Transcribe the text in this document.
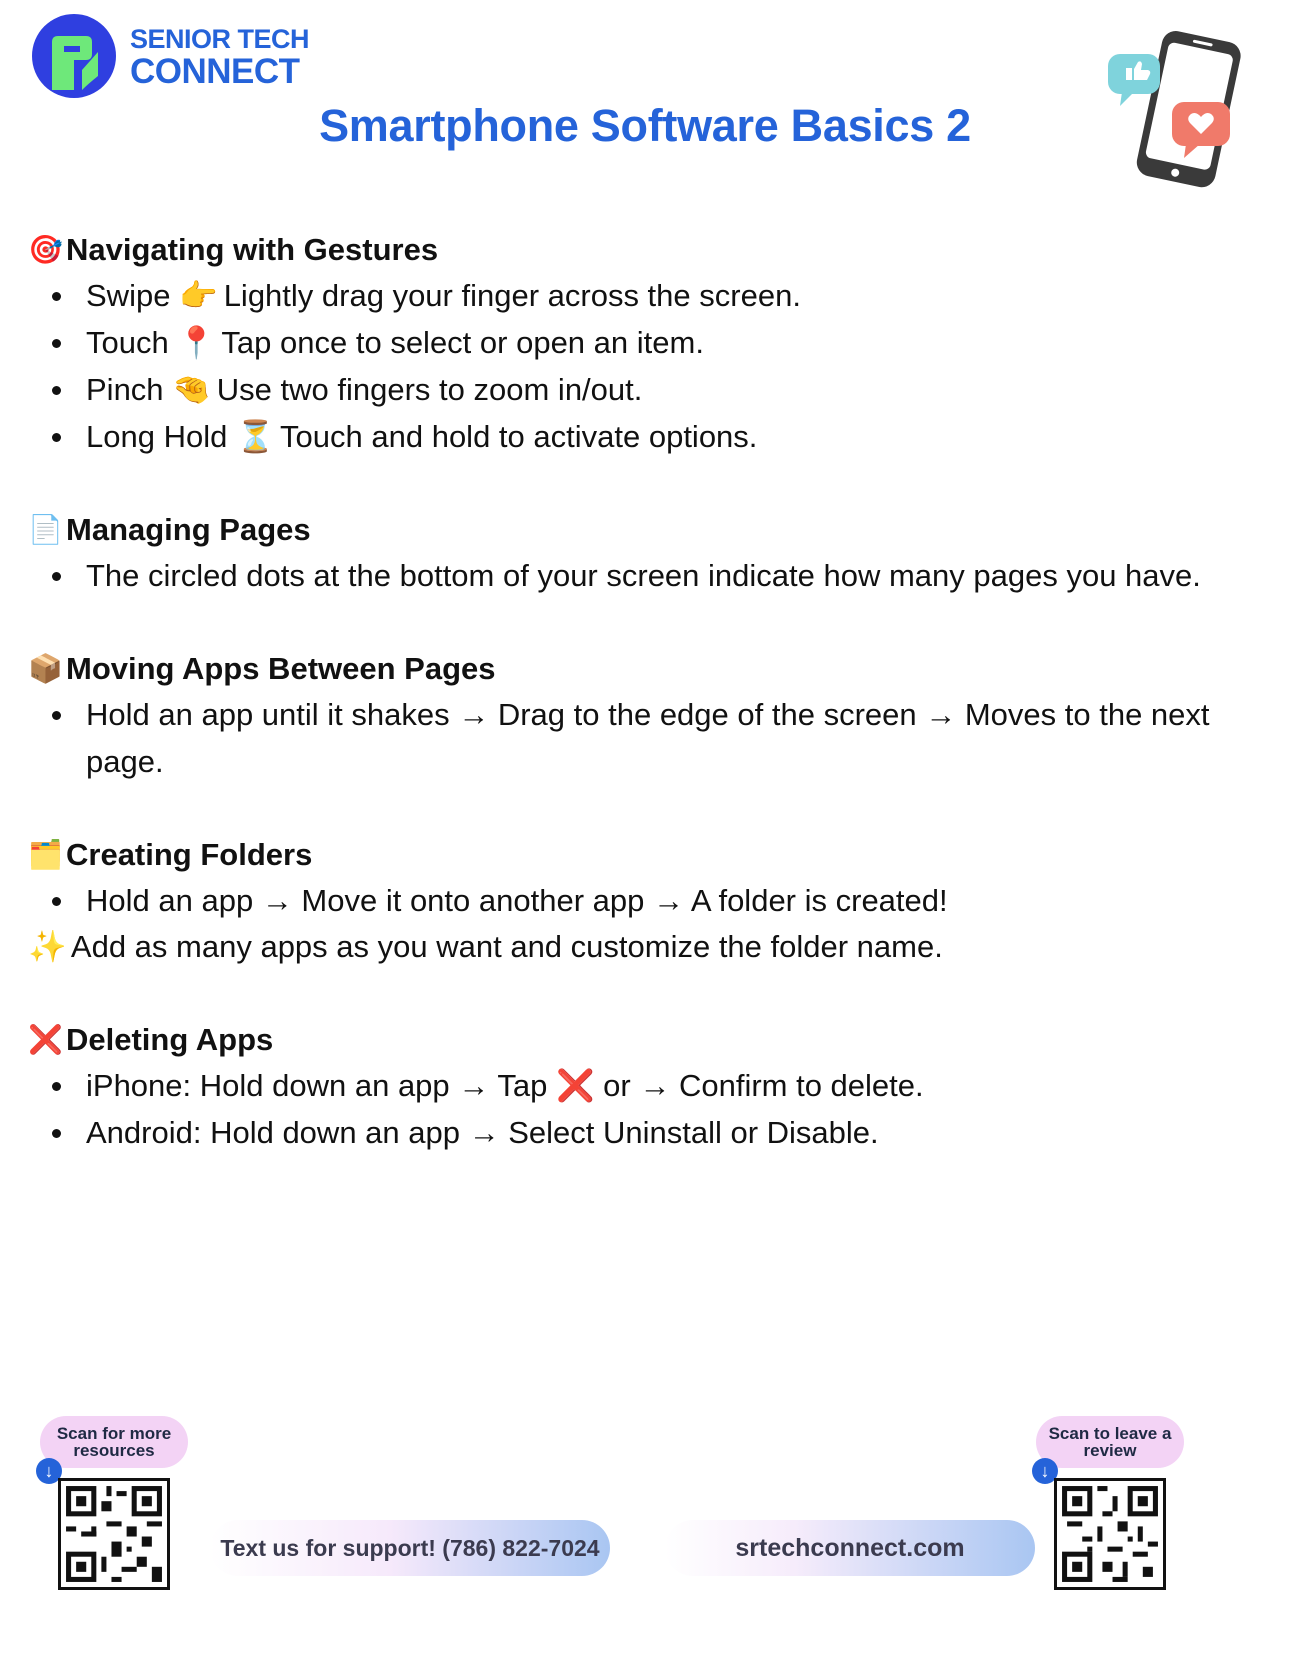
SENIOR TECH
CONNECT
Smartphone Software Basics 2
🎯 Navigating with Gestures
Swipe 👉 Lightly drag your finger across the screen.
Touch 📍 Tap once to select or open an item.
Pinch 🤏 Use two fingers to zoom in/out.
Long Hold ⏳ Touch and hold to activate options.
📄 Managing Pages
The circled dots at the bottom of your screen indicate how many pages you have.
📦 Moving Apps Between Pages
Hold an app until it shakes → Drag to the edge of the screen → Moves to the next page.
🗂️ Creating Folders
Hold an app → Move it onto another app → A folder is created!
✨ Add as many apps as you want and customize the folder name.
❌ Deleting Apps
iPhone: Hold down an app → Tap ❌ or → Confirm to delete.
Android: Hold down an app → Select Uninstall or Disable.
Scan for more resources
↓
Scan to leave a review
↓
Text us for support! (786) 822-7024	srtechconnect.com
